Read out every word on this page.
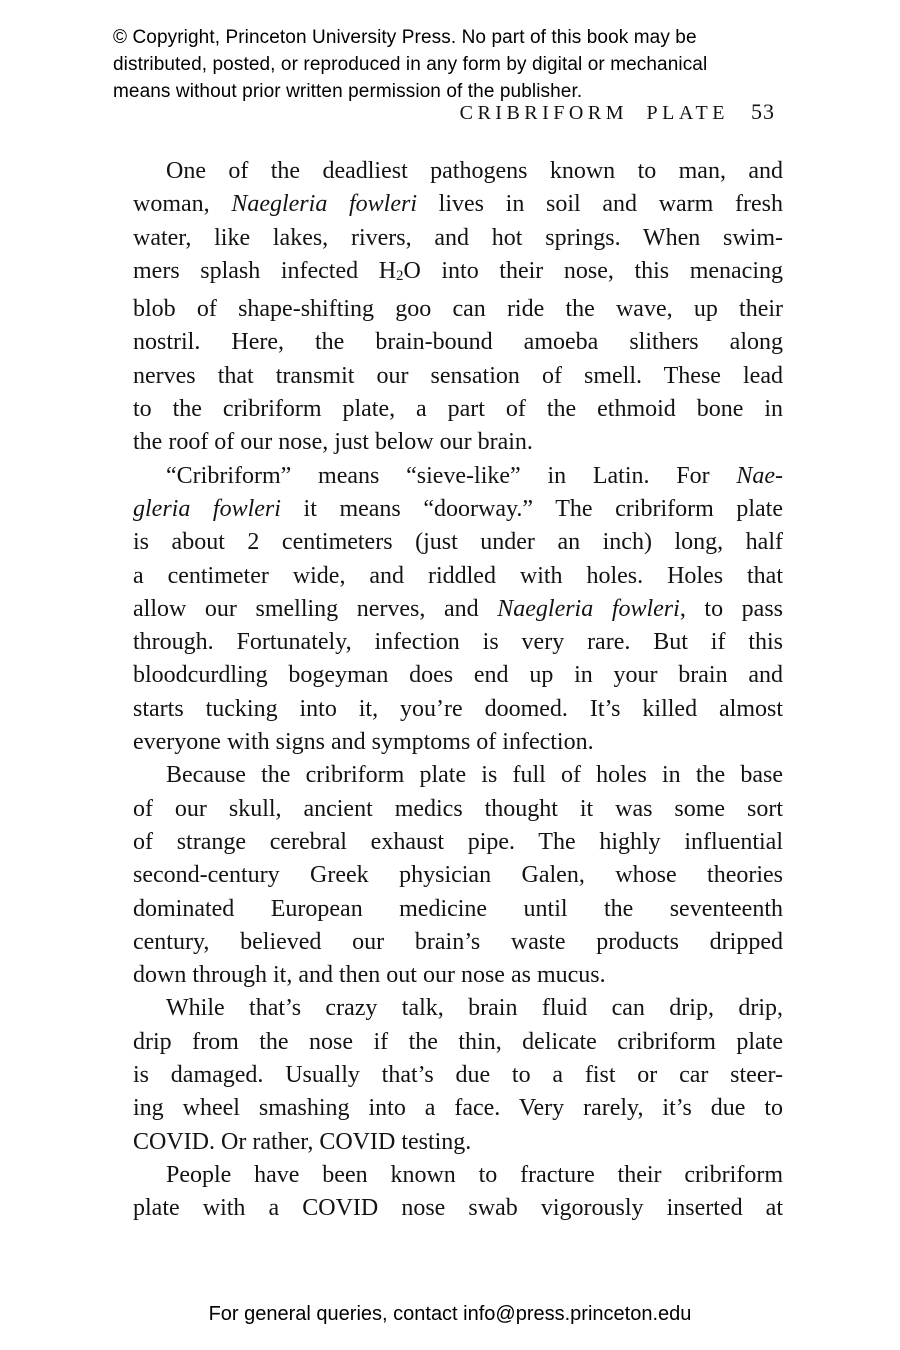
© Copyright, Princeton University Press. No part of this book may be
distributed, posted, or reproduced in any form by digital or mechanical
means without prior written permission of the publisher.
CRIBRIFORM PLATE 53
One of the deadliest pathogens known to man, and
woman, Naegleria fowleri lives in soil and warm fresh
water, like lakes, rivers, and hot springs. When swim-
mers splash infected H2O into their nose, this menacing
blob of shape-shifting goo can ride the wave, up their
nostril. Here, the brain-bound amoeba slithers along
nerves that transmit our sensation of smell. These lead
to the cribriform plate, a part of the ethmoid bone in
the roof of our nose, just below our brain.
“Cribriform” means “sieve-like” in Latin. For Nae-
gleria fowleri it means “doorway.” The cribriform plate
is about 2 centimeters (just under an inch) long, half
a centimeter wide, and riddled with holes. Holes that
allow our smelling nerves, and Naegleria fowleri, to pass
through. Fortunately, infection is very rare. But if this
bloodcurdling bogeyman does end up in your brain and
starts tucking into it, you’re doomed. It’s killed almost
everyone with signs and symptoms of infection.
Because the cribriform plate is full of holes in the base
of our skull, ancient medics thought it was some sort
of strange cerebral exhaust pipe. The highly influential
second-century Greek physician Galen, whose theories
dominated European medicine until the seventeenth
century, believed our brain’s waste products dripped
down through it, and then out our nose as mucus.
While that’s crazy talk, brain fluid can drip, drip,
drip from the nose if the thin, delicate cribriform plate
is damaged. Usually that’s due to a fist or car steer-
ing wheel smashing into a face. Very rarely, it’s due to
COVID. Or rather, COVID testing.
People have been known to fracture their cribriform
plate with a COVID nose swab vigorously inserted at
For general queries, contact info@press.princeton.edu
